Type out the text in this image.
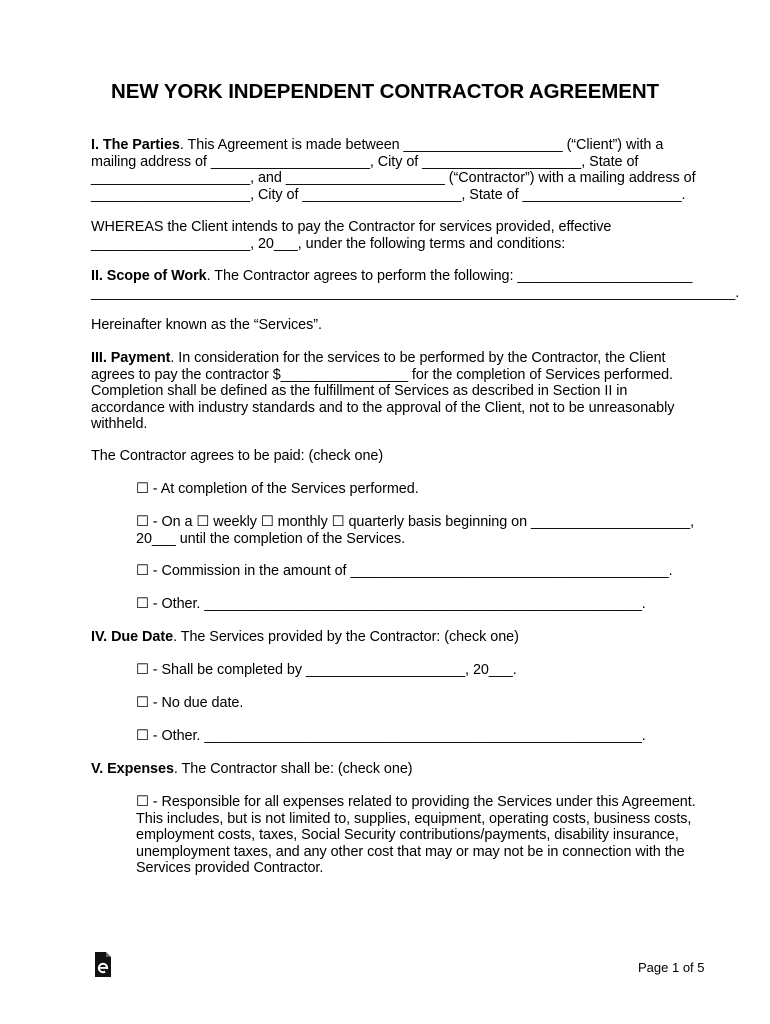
NEW YORK INDEPENDENT CONTRACTOR AGREEMENT
I. The Parties. This Agreement is made between ____________________ (“Client”) with a
mailing address of ____________________, City of ____________________, State of
____________________, and ____________________ (“Contractor”) with a mailing address of
____________________, City of ____________________, State of ____________________.
WHEREAS the Client intends to pay the Contractor for services provided, effective
____________________, 20___, under the following terms and conditions:
II. Scope of Work. The Contractor agrees to perform the following: ______________________
_________________________________________________________________________________.
Hereinafter known as the “Services”.
III. Payment. In consideration for the services to be performed by the Contractor, the Client
agrees to pay the contractor $________________ for the completion of Services performed.
Completion shall be defined as the fulfillment of Services as described in Section II in
accordance with industry standards and to the approval of the Client, not to be unreasonably
withheld.
The Contractor agrees to be paid: (check one)
☐ - At completion of the Services performed.
☐ - On a ☐ weekly ☐ monthly ☐ quarterly basis beginning on ____________________,
20___ until the completion of the Services.
☐ - Commission in the amount of ________________________________________.
☐ - Other. _______________________________________________________.
IV. Due Date. The Services provided by the Contractor: (check one)
☐ - Shall be completed by ____________________, 20___.
☐ - No due date.
☐ - Other. _______________________________________________________.
V. Expenses. The Contractor shall be: (check one)
☐ - Responsible for all expenses related to providing the Services under this Agreement.
This includes, but is not limited to, supplies, equipment, operating costs, business costs,
employment costs, taxes, Social Security contributions/payments, disability insurance,
unemployment taxes, and any other cost that may or may not be in connection with the
Services provided Contractor.
Page 1 of 5
